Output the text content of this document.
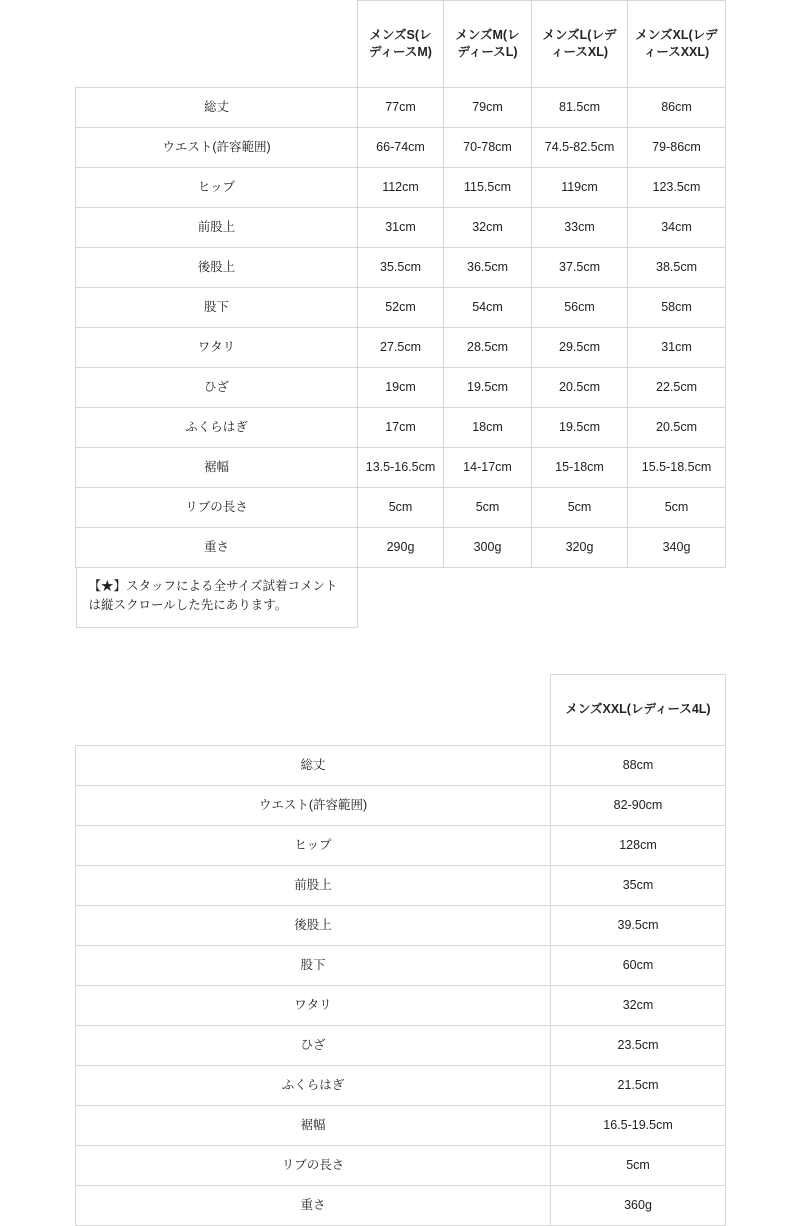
	メンズS(レディースM)	メンズM(レディースL)	メンズL(レディースXL)	メンズXL(レディースXXL)
総丈	77cm	79cm	81.5cm	86cm
ウエスト(許容範囲)	66-74cm	70-78cm	74.5-82.5cm	79-86cm
ヒップ	112cm	115.5cm	119cm	123.5cm
前股上	31cm	32cm	33cm	34cm
後股上	35.5cm	36.5cm	37.5cm	38.5cm
股下	52cm	54cm	56cm	58cm
ワタリ	27.5cm	28.5cm	29.5cm	31cm
ひざ	19cm	19.5cm	20.5cm	22.5cm
ふくらはぎ	17cm	18cm	19.5cm	20.5cm
裾幅	13.5-16.5cm	14-17cm	15-18cm	15.5-18.5cm
リブの長さ	5cm	5cm	5cm	5cm
重さ	290g	300g	320g	340g

【★】スタッフによる全サイズ試着コメントは縦スクロールした先にあります。				
	メンズXXL(レディース4L)
総丈	88cm
ウエスト(許容範囲)	82-90cm
ヒップ	128cm
前股上	35cm
後股上	39.5cm
股下	60cm
ワタリ	32cm
ひざ	23.5cm
ふくらはぎ	21.5cm
裾幅	16.5-19.5cm
リブの長さ	5cm
重さ	360g
